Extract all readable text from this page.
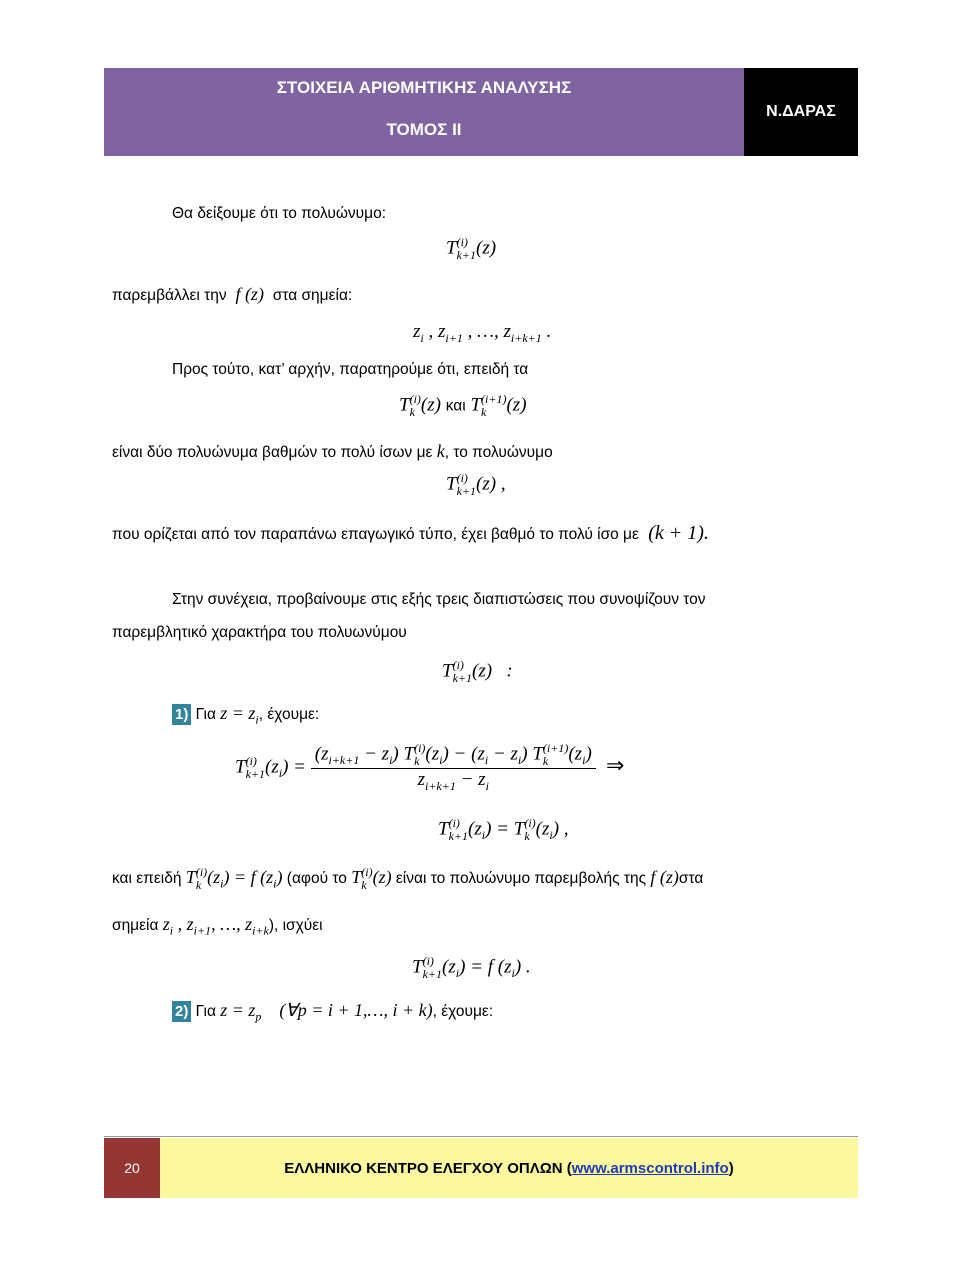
ΣΤΟΙΧΕΙΑ ΑΡΙΘΜΗΤΙΚΗΣ ΑΝΑΛΥΣΗΣ
ΤΟΜΟΣ ΙΙ
Ν.ΔΑΡΑΣ
Θα δείξουμε ότι το πολυώνυμο:
T (i)
k+1 (z)
παρεμβάλλει την  f (z)  στα σημεία:
$z_i$ , $z_{i+1}$ , …, $z_{i+k+1}$ .
Προς τούτο, κατ’ αρχήν, παρατηρούμε ότι, επειδή τα
T (i)
k (z) και T (i+1)
k	(z)
είναι δύο πολυώνυμα βαθμών το πολύ ίσων με k, το πολυώνυμο
T (i)
k+1 (z) ,
που ορίζεται από τον παραπάνω επαγωγικό τύπο, έχει βαθμό το πολύ ίσο με  (k + 1).
Στην συνέχεια, προβαίνουμε στις εξής τρεις διαπιστώσεις που συνοψίζουν τον
παρεμβλητικό χαρακτήρα του πολυωνύμου
T (i)
k+1 (z)   :
1) Για $z = z_i$, έχουμε:
T (i)
k+1 $(z_i) = (z_{i+k+1} - z_i)$ T (i)
k $(z_i) - (z_i - z_i)$ T (i+1)
k	$(z_i)$
$z_{i+k+1} - z_i$ ⇒
T (i)
k+1 $(z_i) = T$ (i)
k $(z_i)$ ,
και επειδή T (i)
k $(z_i) = f$ $(z_i)$ (αφού το T (i)
k (z) είναι το πολυώνυμο παρεμβολής της f (z)στα
σημεία $z_i$ , $z_{i+1}$, …, $z_{i+k}$), ισχύει
T (i)
k+1 $(z_i) = f$ $(z_i)$ .
2) Για $z = z_p$    (∀p = i + 1,…, i + k), έχουμε:
20	ΕΛΛΗΝΙΚΟ ΚΕΝΤΡΟ ΕΛΕΓΧΟΥ ΟΠΛΩΝ ( www.armscontrol.info )
